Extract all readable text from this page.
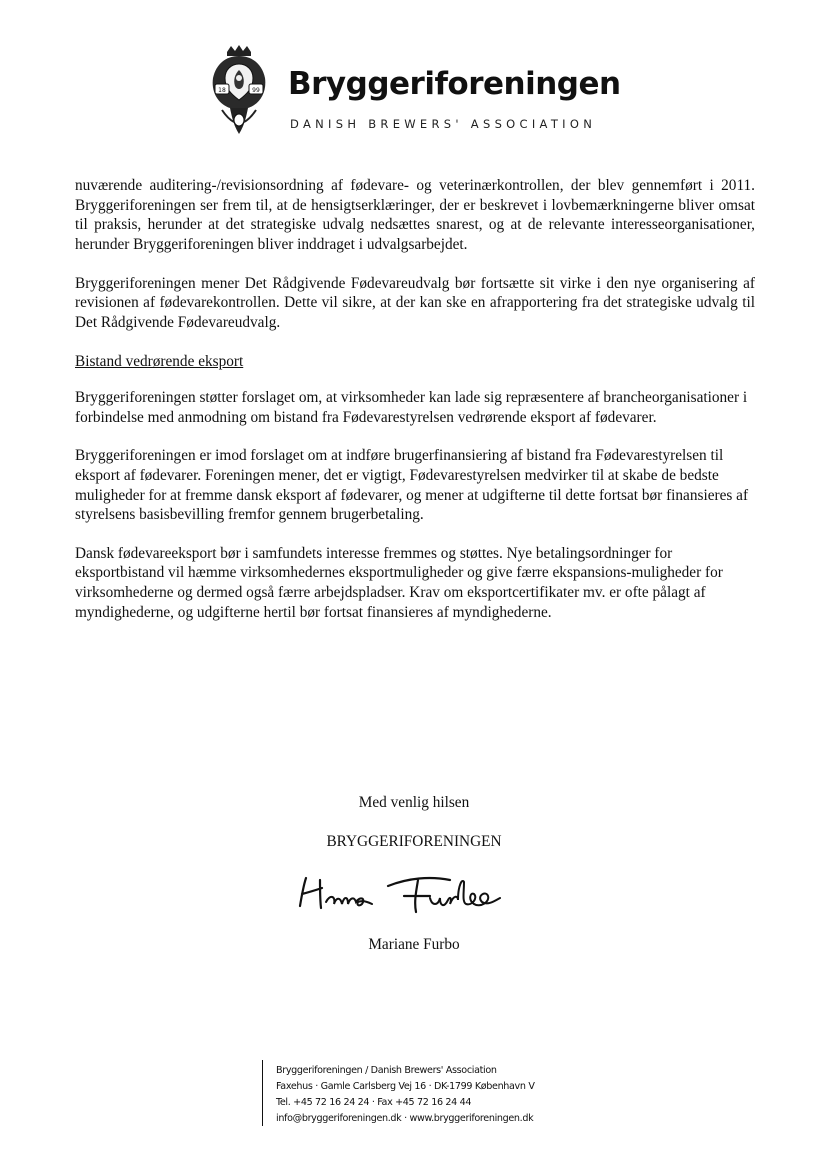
18	99 Bryggeriforeningen
DANISH BREWERS' ASSOCIATION

nuværende auditering-/revisionsordning af fødevare- og veterinærkontrollen, der blev gennemført i 2011. Bryggeriforeningen ser frem til, at de hensigtserklæringer, der er beskrevet i lovbemærkningerne bliver omsat til praksis, herunder at det strategiske udvalg nedsættes snarest, og at de relevante interesseorganisationer, herunder Bryggeriforeningen bliver inddraget i udvalgsarbejdet.

Bryggeriforeningen mener Det Rådgivende Fødevareudvalg bør fortsætte sit virke i den nye organisering af revisionen af fødevarekontrollen. Dette vil sikre, at der kan ske en afrapportering fra det strategiske udvalg til Det Rådgivende Fødevareudvalg.

Bistand vedrørende eksport

Bryggeriforeningen støtter forslaget om, at virksomheder kan lade sig repræsentere af brancheorganisationer i forbindelse med anmodning om bistand fra Fødevarestyrelsen vedrørende eksport af fødevarer.

Bryggeriforeningen er imod forslaget om at indføre brugerfinansiering af bistand fra Fødevarestyrelsen til eksport af fødevarer. Foreningen mener, det er vigtigt, Fødevarestyrelsen medvirker til at skabe de bedste muligheder for at fremme dansk eksport af fødevarer, og mener at udgifterne til dette fortsat bør finansieres af styrelsens basisbevilling fremfor gennem brugerbetaling.

Dansk fødevareeksport bør i samfundets interesse fremmes og støttes. Nye betalingsordninger for eksportbistand vil hæmme virksomhedernes eksportmuligheder og give færre ekspansions-muligheder for virksomhederne og dermed også færre arbejdspladser. Krav om eksportcertifikater mv. er ofte pålagt af myndighederne, og udgifterne hertil bør fortsat finansieres af myndighederne.

Med venlig hilsen
BRYGGERIFORENINGEN
Mariane Furbo
Bryggeriforeningen / Danish Brewers' Association
Faxehus · Gamle Carlsberg Vej 16 · DK-1799 København V
Tel. +45 72 16 24 24 · Fax +45 72 16 24 44
info@bryggeriforeningen.dk · www.bryggeriforeningen.dk
